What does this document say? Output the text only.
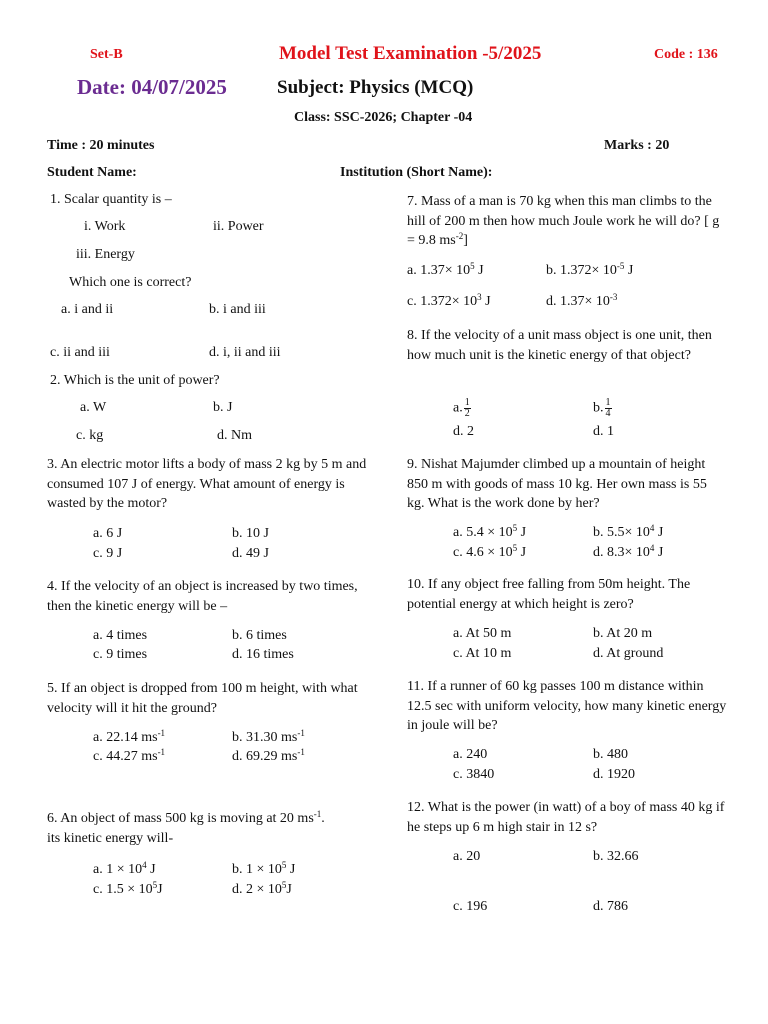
Set-B	Model Test Examination -5/2025	Code : 136
Date: 04/07/2025	Subject: Physics (MCQ)
Class: SSC-2026; Chapter -04
Time : 20 minutes	Marks : 20
Student Name:	Institution (Short Name):
1. Scalar quantity is –
i. Work	ii. Power
iii. Energy
Which one is correct?
a. i and ii	b. i and iii
c. ii and iii	d. i, ii and iii
2. Which is the unit of power?
a. W	b. J
c. kg	d. Nm
3. An electric motor lifts a body of mass 2 kg by 5 m and consumed 107 J of energy. What amount of energy is wasted by the motor?
a. 6 J	b. 10 J
c. 9 J	d. 49 J
4. If the velocity of an object is increased by two times, then the kinetic energy will be –
a. 4 times	b. 6 times
c. 9 times	d. 16 times
5. If an object is dropped from 100 m height, with what velocity will it hit the ground?
a. 22.14 $ms^{-1}$	b. 31.30 $ms^{-1}$
c. 44.27 $ms^{-1}$	d. 69.29 $ms^{-1}$
6. An object of mass 500 kg is moving at 20 $ms^{-1}$.
its kinetic energy will-
a. $1 \times 10^4$ J	b. $1 \times 10^5$ J
c. $1.5 \times 10^5J$	d. $2 \times 10^5J$
7. Mass of a man is 70 kg when this man climbs to the hill of 200 m then how much Joule work he will do? [ g = 9.8 $ms^{-2}$]
a. $1.37\times 10^5$ J	b. $1.372\times 10^{-5}$ J
c. $1.372\times 10^3$ J	d. $1.37\times 10^{-3}$
8. If the velocity of a unit mass object is one unit, then how much unit is the kinetic energy of that object?
a. $\frac{1}{2}$	b. $\frac{1}{4}$
d. 2	d. 1
9. Nishat Majumder climbed up a mountain of height 850 m with goods of mass 10 kg. Her own mass is 55 kg. What is the work done by her?
a. $5.4 \times 10^5$ J	b. $5.5\times 10^4$ J
c. $4.6 \times 10^5$ J	d. $8.3\times 10^4$ J
10. If any object free falling from 50m height. The potential energy at which height is zero?
a. At 50 m	b. At 20 m
c. At 10 m	d. At ground
11. If a runner of 60 kg passes 100 m distance within 12.5 sec with uniform velocity, how many kinetic energy in joule will be?
a. 240	b. 480
c. 3840	d. 1920
12. What is the power (in watt) of a boy of mass 40 kg if he steps up 6 m high stair in 12 s?
a. 20	b. 32.66
c. 196	d. 786
